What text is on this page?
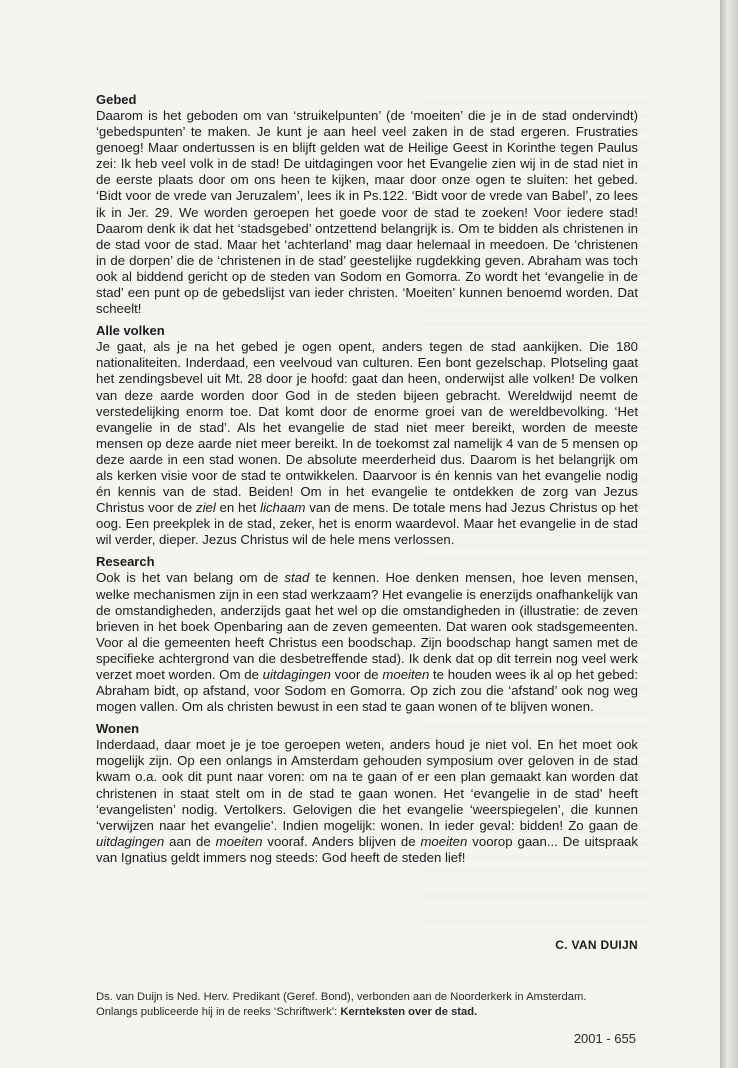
Gebed

Daarom is het geboden om van ‘struikelpunten’ (de ‘moeiten’ die je in de stad ondervindt) ‘gebedspunten’ te maken. Je kunt je aan heel veel zaken in de stad ergeren. Frustraties genoeg! Maar ondertussen is en blijft gelden wat de Heilige Geest in Korinthe tegen Paulus zei: Ik heb veel volk in de stad! De uitdagingen voor het Evangelie zien wij in de stad niet in de eerste plaats door om ons heen te kijken, maar door onze ogen te sluiten: het gebed. ‘Bidt voor de vrede van Jeruzalem’, lees ik in Ps.122. ‘Bidt voor de vrede van Babel’, zo lees ik in Jer. 29. We worden geroepen het goede voor de stad te zoeken! Voor iedere stad! Daarom denk ik dat het ‘stadsgebed’ ontzettend belangrijk is. Om te bidden als christenen in de stad voor de stad. Maar het ‘achterland’ mag daar helemaal in meedoen. De ‘christenen in de dorpen’ die de ‘christenen in de stad’ geestelijke rugdekking geven. Abraham was toch ook al biddend gericht op de steden van Sodom en Gomorra. Zo wordt het ‘evangelie in de stad’ een punt op de gebedslijst van ieder christen. ‘Moeiten’ kunnen benoemd worden. Dat scheelt!

Alle volken

Je gaat, als je na het gebed je ogen opent, anders tegen de stad aankijken. Die 180 nationaliteiten. Inderdaad, een veelvoud van culturen. Een bont gezelschap. Plotseling gaat het zendingsbevel uit Mt. 28 door je hoofd: gaat dan heen, onderwijst alle volken! De volken van deze aarde worden door God in de steden bijeen gebracht. Wereldwijd neemt de verstedelijking enorm toe. Dat komt door de enorme groei van de wereldbevolking. ‘Het evangelie in de stad’. Als het evangelie de stad niet meer bereikt, worden de meeste mensen op deze aarde niet meer bereikt. In de toekomst zal namelijk 4 van de 5 mensen op deze aarde in een stad wonen. De absolute meerderheid dus. Daarom is het belangrijk om als kerken visie voor de stad te ontwikkelen. Daarvoor is én kennis van het evangelie nodig én kennis van de stad. Beiden! Om in het evangelie te ontdekken de zorg van Jezus Christus voor de ziel en het lichaam van de mens. De totale mens had Jezus Christus op het oog. Een preekplek in de stad, zeker, het is enorm waardevol. Maar het evangelie in de stad wil verder, dieper. Jezus Christus wil de hele mens verlossen.

Research

Ook is het van belang om de stad te kennen. Hoe denken mensen, hoe leven mensen, welke mechanismen zijn in een stad werkzaam? Het evangelie is enerzijds onafhankelijk van de omstandigheden, anderzijds gaat het wel op die omstandigheden in (illustratie: de zeven brieven in het boek Openbaring aan de zeven gemeenten. Dat waren ook stadsgemeenten. Voor al die gemeenten heeft Christus een boodschap. Zijn boodschap hangt samen met de specifieke achtergrond van die desbetreffende stad). Ik denk dat op dit terrein nog veel werk verzet moet worden. Om de uitdagingen voor de moeiten te houden wees ik al op het gebed: Abraham bidt, op afstand, voor Sodom en Gomorra. Op zich zou die ‘afstand’ ook nog weg mogen vallen. Om als christen bewust in een stad te gaan wonen of te blijven wonen.

Wonen

Inderdaad, daar moet je je toe geroepen weten, anders houd je niet vol. En het moet ook mogelijk zijn. Op een onlangs in Amsterdam gehouden symposium over geloven in de stad kwam o.a. ook dit punt naar voren: om na te gaan of er een plan gemaakt kan worden dat christenen in staat stelt om in de stad te gaan wonen. Het ‘evangelie in de stad’ heeft ‘evangelisten’ nodig. Vertolkers. Gelovigen die het evangelie ‘weerspiegelen’, die kunnen ‘verwijzen naar het evangelie’. Indien mogelijk: wonen. In ieder geval: bidden! Zo gaan de uitdagingen aan de moeiten vooraf. Anders blijven de moeiten voorop gaan... De uitspraak van Ignatius geldt immers nog steeds: God heeft de steden lief!

C. VAN DUIJN
Ds. van Duijn is Ned. Herv. Predikant (Geref. Bond), verbonden aan de Noorderkerk in Amsterdam.
Onlangs publiceerde hij in de reeks ‘Schriftwerk’: Kernteksten over de stad.
2001 - 655
